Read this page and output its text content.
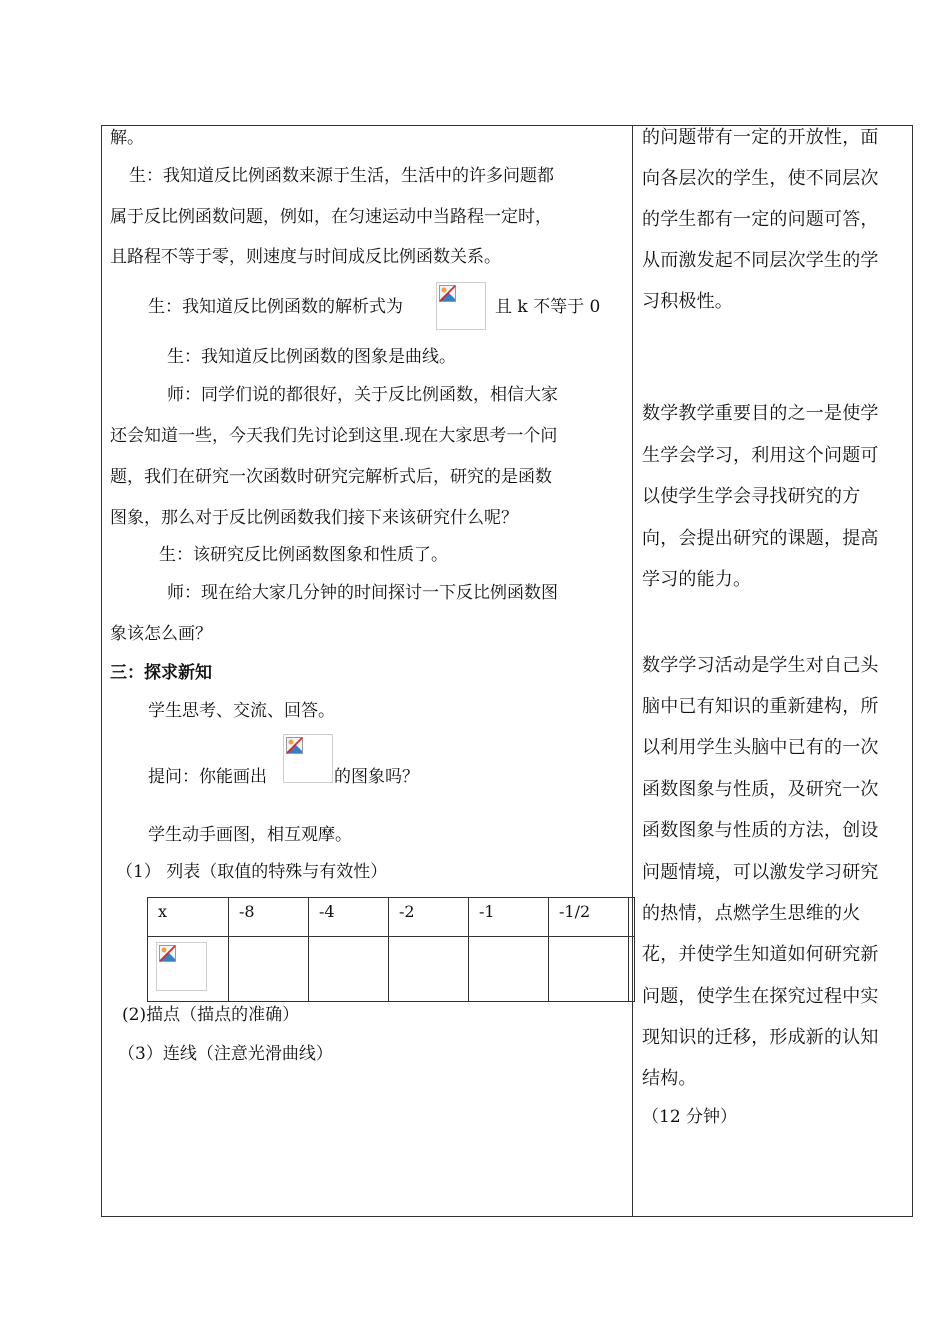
解。
生：我知道反比例函数来源于生活，生活中的许多问题都
属于反比例函数问题，例如，在匀速运动中当路程一定时，
且路程不等于零，则速度与时间成反比例函数关系。
生：我知道反比例函数的解析式为	且 k 不等于 0
生：我知道反比例函数的图象是曲线。
师：同学们说的都很好，关于反比例函数，相信大家
还会知道一些，今天我们先讨论到这里.现在大家思考一个问
题，我们在研究一次函数时研究完解析式后，研究的是函数
图象，那么对于反比例函数我们接下来该研究什么呢？
生：该研究反比例函数图象和性质了。
师：现在给大家几分钟的时间探讨一下反比例函数图
象该怎么画？
三：探求新知
学生思考、交流、回答。
提问：你能画出	的图象吗？
学生动手画图，相互观摩。
（1） 列表（取值的特殊与有效性）
x	-8	-4	-2	-1	-1/2	

(2)描点（描点的准确）
（3）连线（注意光滑曲线）
的问题带有一定的开放性，面
向各层次的学生，使不同层次
的学生都有一定的问题可答，
从而激发起不同层次学生的学
习积极性。
数学教学重要目的之一是使学
生学会学习，利用这个问题可
以使学生学会寻找研究的方
向，会提出研究的课题，提高
学习的能力。
数学学习活动是学生对自己头
脑中已有知识的重新建构，所
以利用学生头脑中已有的一次
函数图象与性质，及研究一次
函数图象与性质的方法，创设
问题情境，可以激发学习研究
的热情，点燃学生思维的火
花，并使学生知道如何研究新
问题，使学生在探究过程中实
现知识的迁移，形成新的认知
结构。
（12 分钟）
